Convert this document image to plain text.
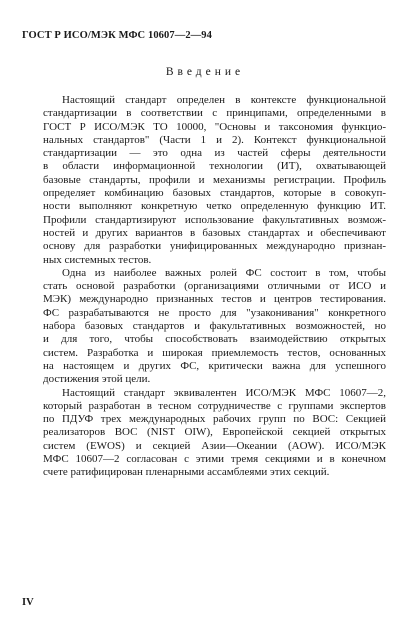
ГОСТ Р ИСО/МЭК МФС 10607—2—94
Введение
Настоящий стандарт определен в контексте функциональной
стандартизации в соответствии с принципами, определенными в
ГОСТ Р ИСО/МЭК ТО 10000, "Основы и таксономия функцио-
нальных стандартов" (Части 1 и 2). Контекст функциональной
стандартизации — это одна из частей сферы деятельности
в области информационной технологии (ИТ), охватывающей
базовые стандарты, профили и механизмы регистрации. Профиль
определяет комбинацию базовых стандартов, которые в совокуп-
ности выполняют конкретную четко определенную функцию ИТ.
Профили стандартизируют использование факультативных возмож-
ностей и других вариантов в базовых стандартах и обеспечивают
основу для разработки унифицированных международно признан-
ных системных тестов.
Одна из наиболее важных ролей ФС состоит в том, чтобы
стать основой разработки (организациями отличными от ИСО и
МЭК) международно признанных тестов и центров тестирования.
ФС разрабатываются не просто для "узаконивания" конкретного
набора базовых стандартов и факультативных возможностей, но
и для того, чтобы способствовать взаимодействию открытых
систем. Разработка и широкая приемлемость тестов, основанных
на настоящем и других ФС, критически важна для успешного
достижения этой цели.
Настоящий стандарт эквивалентен ИСО/МЭК МФС 10607—2,
который разработан в тесном сотрудничестве с группами экспертов
по ПДУФ трех международных рабочих групп по ВОС: Секцией
реализаторов ВОС (NIST OIW), Европейской секцией открытых
систем (EWOS) и секцией Азии—Океании (AOW). ИСО/МЭК
МФС 10607—2 согласован с этими тремя секциями и в конечном
счете ратифицирован пленарными ассамблеями этих секций.
IV
